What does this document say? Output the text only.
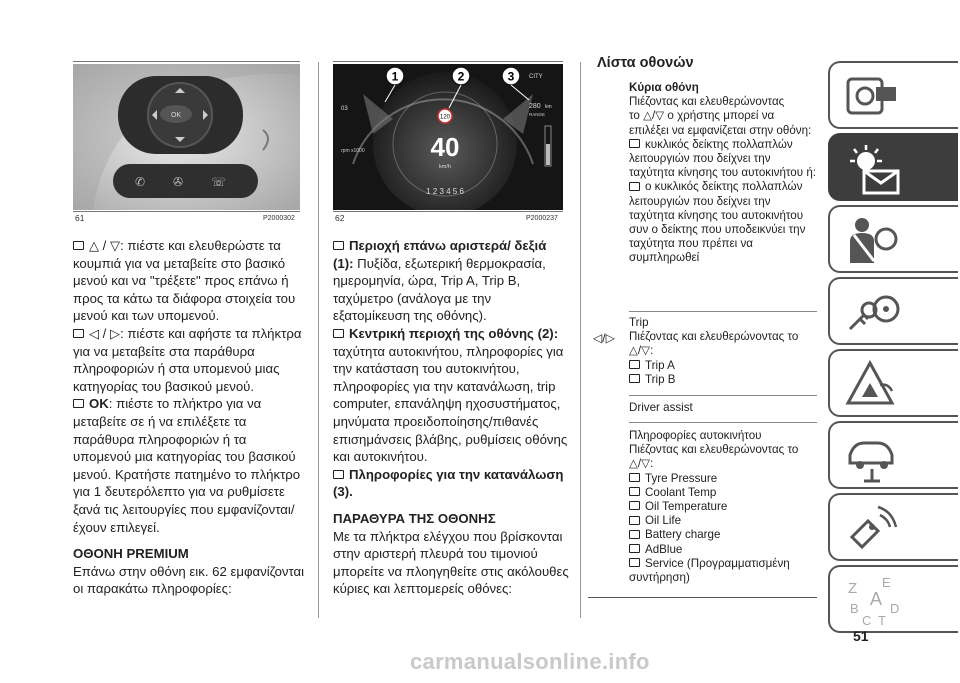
OK
✆ ✇ ☏
61	P2000302

△ / ▽: πιέστε και ελευθερώστε τα κουμπιά για να μεταβείτε στο βασικό μενού και να "τρέξετε" προς επάνω ή προς τα κάτω τα διάφορα στοιχεία του μενού και των υπομενού.

◁ / ▷: πιέστε και αφήστε τα πλήκτρα για να μεταβείτε στα παράθυρα πληροφοριών ή στα υπομενού μιας κατηγορίας του βασικού μενού.

OK: πιέστε το πλήκτρο για να μεταβείτε σε ή να επιλέξετε τα παράθυρα πληροφοριών ή τα υπομενού μια κατηγορίας του βασικού μενού. Κρατήστε πατημένο το πλήκτρο για 1 δευτερόλεπτο για να ρυθμίσετε ξανά τις λειτουργίες που εμφανίζονται/έχουν επιλεγεί.

ΟΘΟΝΗ PREMIUM

Επάνω στην οθόνη εικ. 62 εμφανίζονται οι παρακάτω πληροφορίες:

40
km/h
120
03
rpm x1000
CITY
280 km
RANGE
1 2 3 4 5 6
1	2	3
62	P2000237

Περιοχή επάνω αριστερά/ δεξιά (1): Πυξίδα, εξωτερική θερμοκρασία, ημερομηνία, ώρα, Trip A, Trip B, ταχύμετρο (ανάλογα με την εξατομίκευση της οθόνης).

Κεντρική περιοχή της οθόνης (2): ταχύτητα αυτοκινήτου, πληροφορίες για την κατάσταση του αυτοκινήτου, πληροφορίες για την κατανάλωση, trip computer, επανάληψη ηχοσυστήματος, μηνύματα προειδοποίησης/πιθανές επισημάνσεις βλάβης, ρυθμίσεις οθόνης και αυτοκινήτου.

Πληροφορίες για την κατανάλωση (3).

ΠΑΡΑΘΥΡΑ ΤΗΣ ΟΘΟΝΗΣ

Με τα πλήκτρα ελέγχου που βρίσκονται στην αριστερή πλευρά του τιμονιού μπορείτε να πλοηγηθείτε στις ακόλουθες κύριες και λεπτομερείς οθόνες:

Λίστα οθονών

Κύρια οθόνη

Πιέζοντας και ελευθερώνοντας

το △/▽ ο χρήστης μπορεί να

επιλέξει να εμφανίζεται στην οθόνη:

κυκλικός δείκτης πολλαπλών λειτουργιών που δείχνει την ταχύτητα κίνησης του αυτοκινήτου ή:

ο κυκλικός δείκτης πολλαπλών λειτουργιών που δείχνει την ταχύτητα κίνησης του αυτοκινήτου συν ο δείκτης που υποδεικνύει την ταχύτητα που πρέπει να συμπληρωθεί

◁/▷

Trip

Πιέζοντας και ελευθερώνοντας το

△/▽:

Trip A

Trip B

Driver assist

Πληροφορίες αυτοκινήτου

Πιέζοντας και ελευθερώνοντας το

△/▽:

Tyre Pressure

Coolant Temp

Oil Temperature

Oil Life

Battery charge

AdBlue

Service (Προγραμματισμένη συντήρηση)

Z E
A
B
C T
D
51
carmanualsonline.info
